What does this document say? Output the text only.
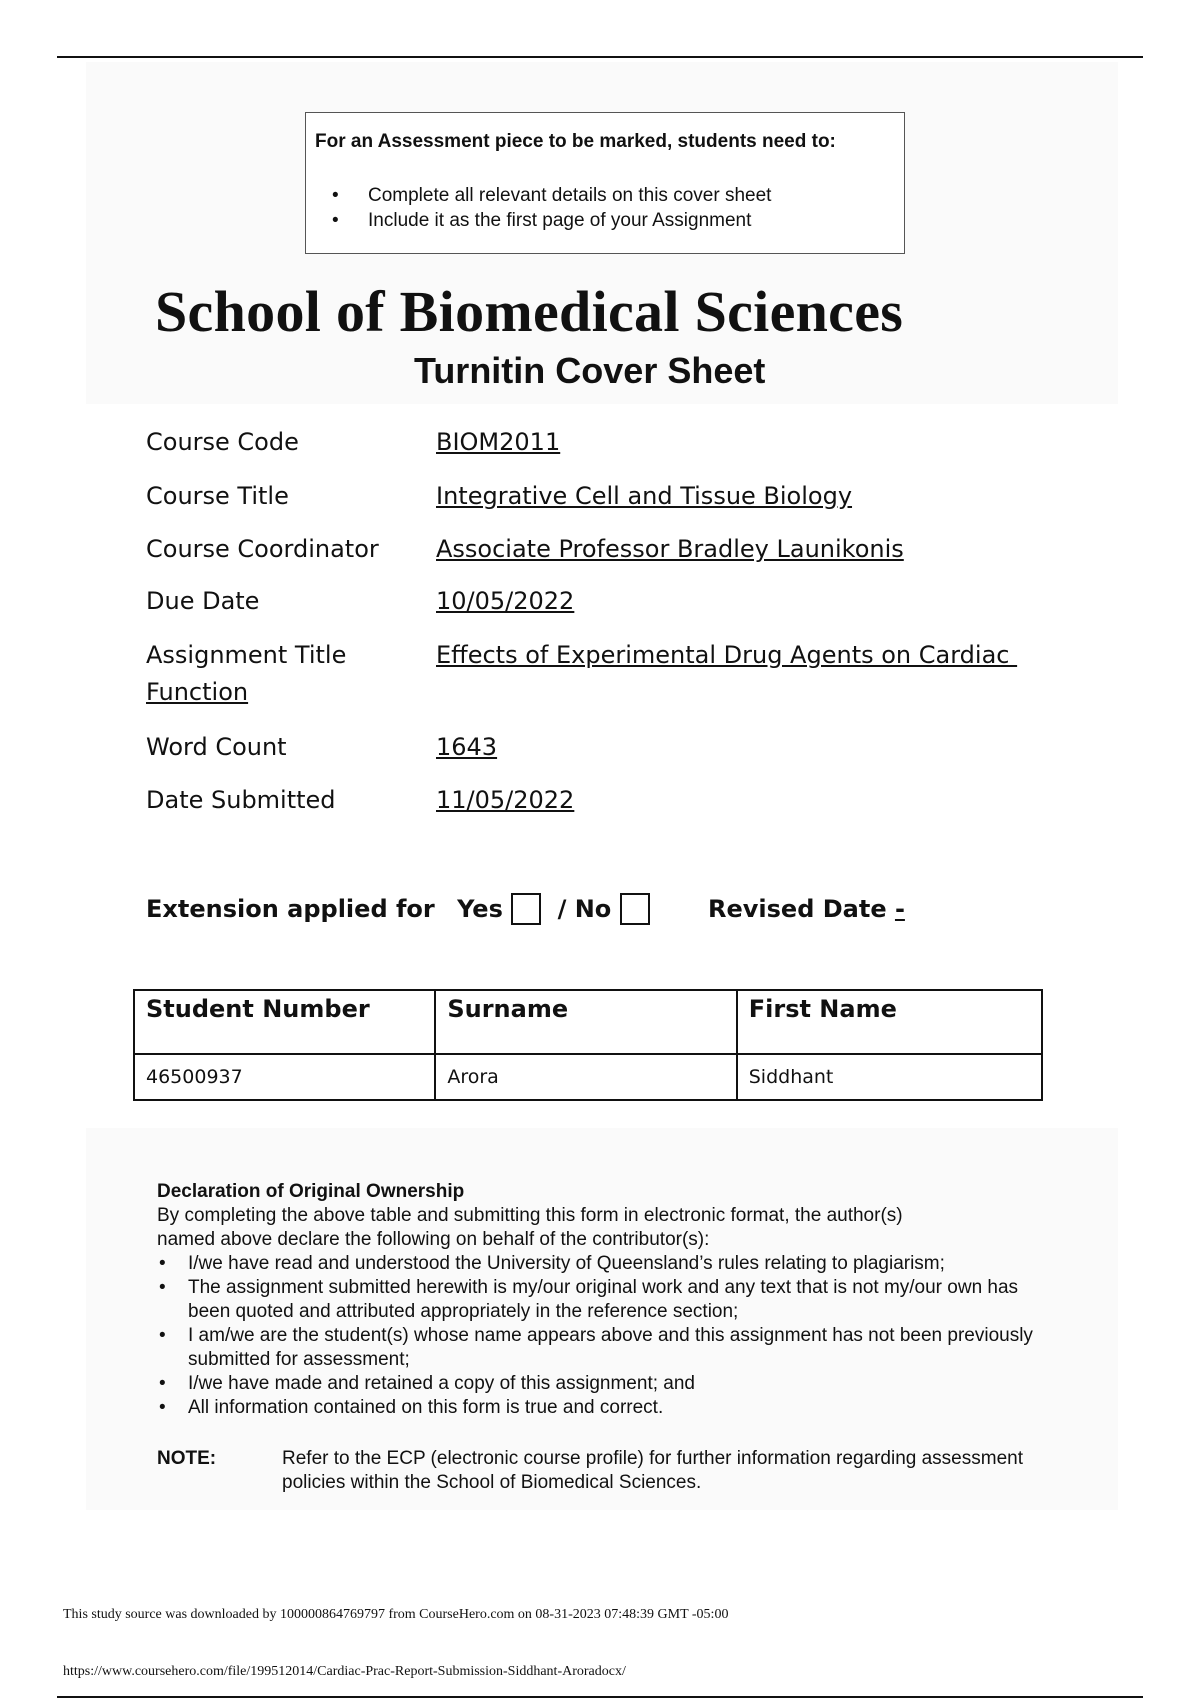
For an Assessment piece to be marked, students need to:
• Complete all relevant details on this cover sheet
• Include it as the first page of your Assignment
School of Biomedical Sciences
Turnitin Cover Sheet
Course Code	BIOM2011
Course Title	Integrative Cell and Tissue Biology
Course Coordinator Associate Professor Bradley Launikonis
Due Date	10/05/2022
Assignment Title	Effects of Experimental Drug Agents on Cardiac
Function
Word Count	1643
Date Submitted	11/05/2022
Extension applied for Yes / No	Revised Date -
Student Number	Surname	First Name
46500937	Arora	Siddhant
Declaration of Original Ownership

By completing the above table and submitting this form in electronic format, the author(s)

named above declare the following on behalf of the contributor(s):

• I/we have read and understood the University of Queensland’s rules relating to plagiarism;
• The assignment submitted herewith is my/our original work and any text that is not my/our own has been quoted and attributed appropriately in the reference section;
• I am/we are the student(s) whose name appears above and this assignment has not been previously submitted for assessment;
• I/we have made and retained a copy of this assignment; and
• All information contained on this form is true and correct.
NOTE:	Refer to the ECP (electronic course profile) for further information regarding assessment policies within the School of Biomedical Sciences.
This study source was downloaded by 100000864769797 from CourseHero.com on 08-31-2023 07:48:39 GMT -05:00
https://www.coursehero.com/file/199512014/Cardiac-Prac-Report-Submission-Siddhant-Aroradocx/
